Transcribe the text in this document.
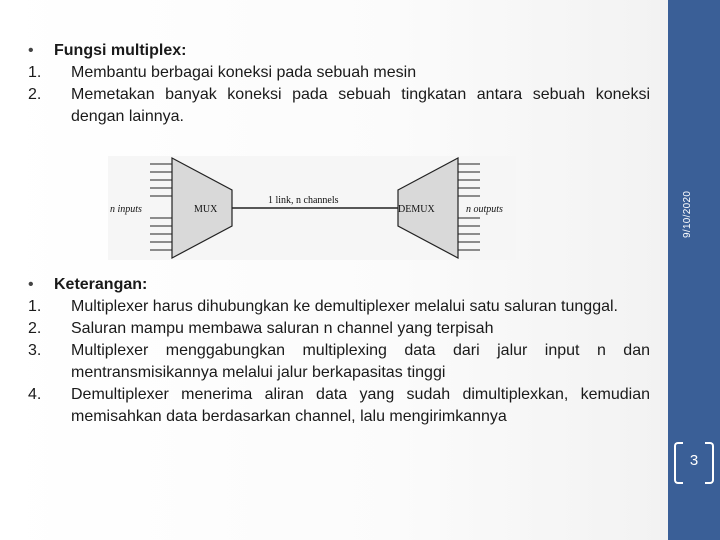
• Fungsi multiplex:
1. Membantu berbagai koneksi pada sebuah mesin
2. Memetakan banyak koneksi pada sebuah tingkatan antara sebuah koneksi dengan lainnya.
n inputs	MUX
1 link, n channels
DEMUX	n outputs
• Keterangan:
1. Multiplexer harus dihubungkan ke demultiplexer melalui satu saluran tunggal.
2. Saluran mampu membawa saluran n channel yang terpisah
3. Multiplexer menggabungkan multiplexing data dari jalur input n dan mentransmisikannya melalui jalur berkapasitas tinggi
4. Demultiplexer menerima aliran data yang sudah dimultiplexkan, kemudian memisahkan data berdasarkan channel, lalu mengirimkannya
9/10/2020
3
